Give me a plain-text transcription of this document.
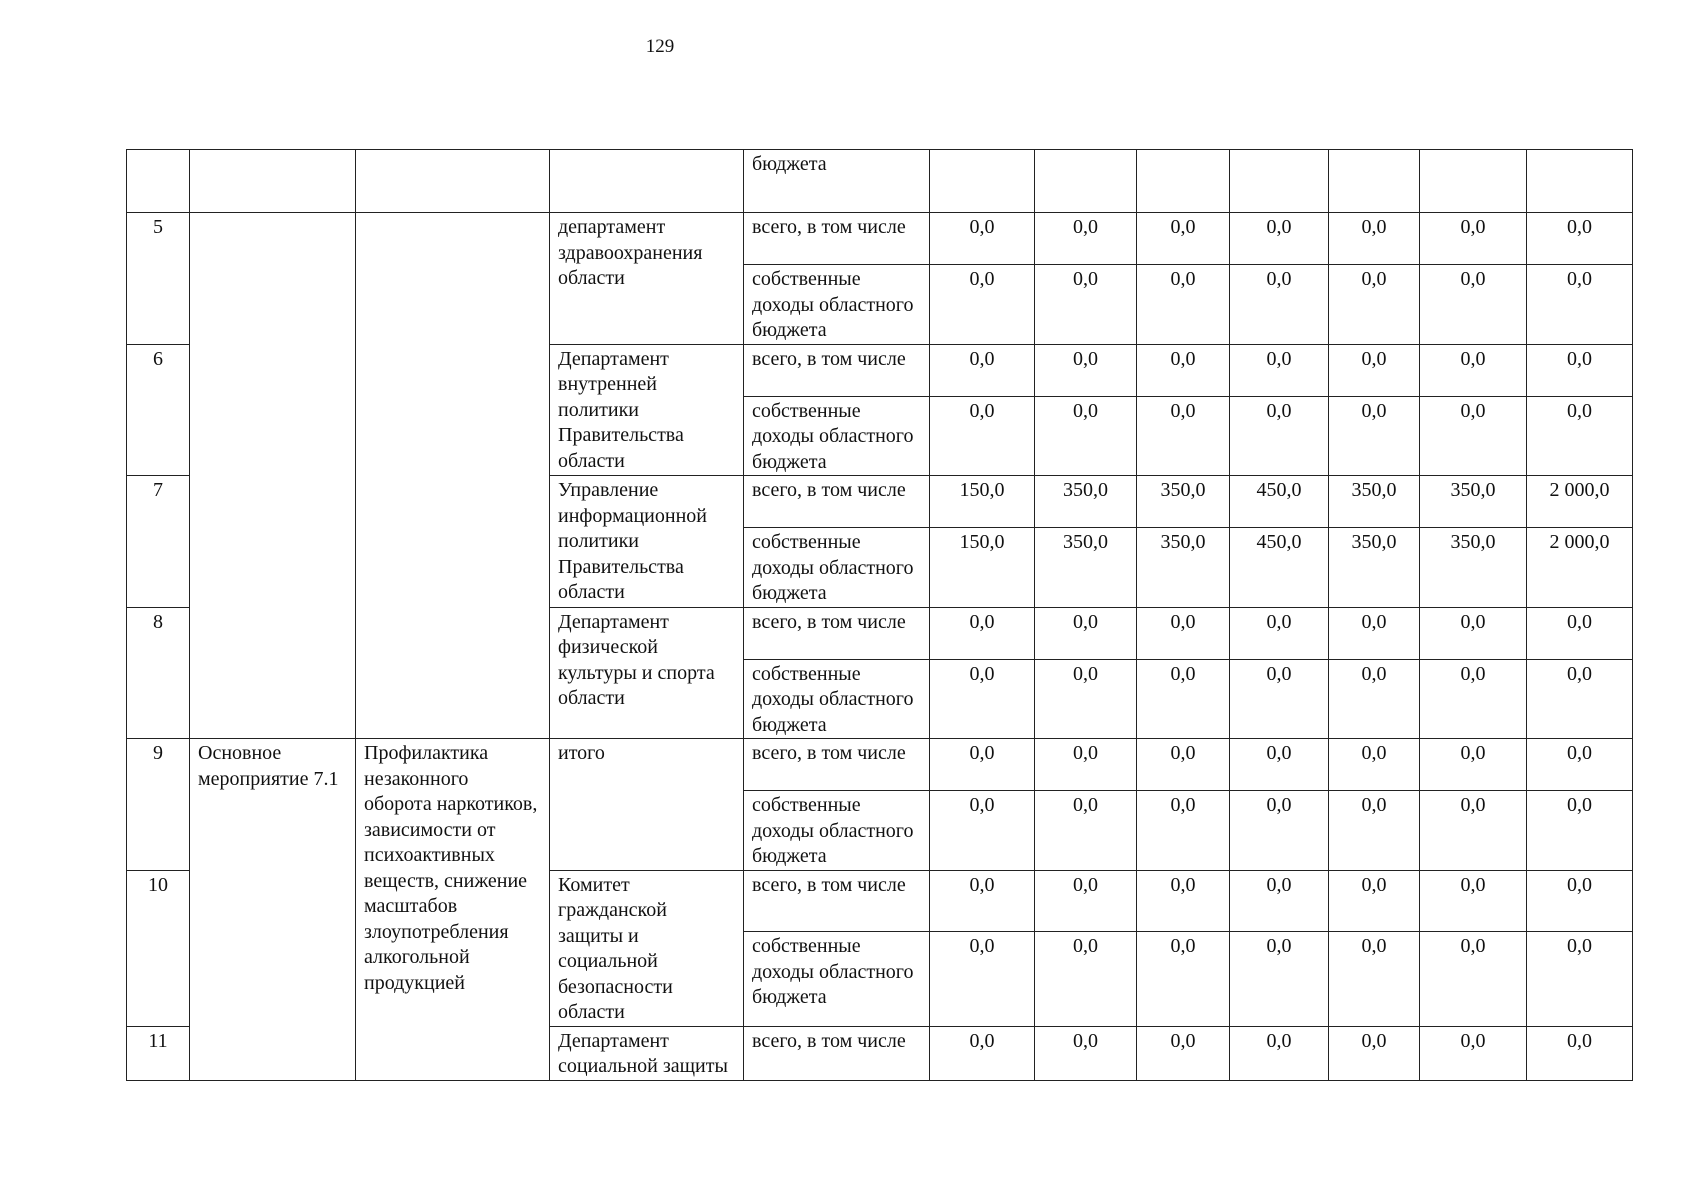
129
				бюджета							
5			департамент здравоохранения области	всего, в том числе	0,0	0,0	0,0	0,0	0,0	0,0	0,0
				собственные доходы областного бюджета	0,0	0,0	0,0	0,0	0,0	0,0	0,0
6			Департамент внутренней политики Правительства области	всего, в том числе	0,0	0,0	0,0	0,0	0,0	0,0	0,0
				собственные доходы областного бюджета	0,0	0,0	0,0	0,0	0,0	0,0	0,0
7			Управление информационной политики Правительства области	всего, в том числе	150,0	350,0	350,0	450,0	350,0	350,0	2 000,0
				собственные доходы областного бюджета	150,0	350,0	350,0	450,0	350,0	350,0	2 000,0
8			Департамент физической культуры и спорта области	всего, в том числе	0,0	0,0	0,0	0,0	0,0	0,0	0,0
				собственные доходы областного бюджета	0,0	0,0	0,0	0,0	0,0	0,0	0,0
9	Основное мероприятие 7.1	Профилактика незаконного оборота наркотиков, зависимости от психоактивных веществ, снижение масштабов злоупотребления алкогольной продукцией	итого	всего, в том числе	0,0	0,0	0,0	0,0	0,0	0,0	0,0
				собственные доходы областного бюджета	0,0	0,0	0,0	0,0	0,0	0,0	0,0
10			Комитет гражданской защиты и социальной безопасности области	всего, в том числе	0,0	0,0	0,0	0,0	0,0	0,0	0,0
				собственные доходы областного бюджета	0,0	0,0	0,0	0,0	0,0	0,0	0,0
11			Департамент социальной защиты	всего, в том числе	0,0	0,0	0,0	0,0	0,0	0,0	0,0
